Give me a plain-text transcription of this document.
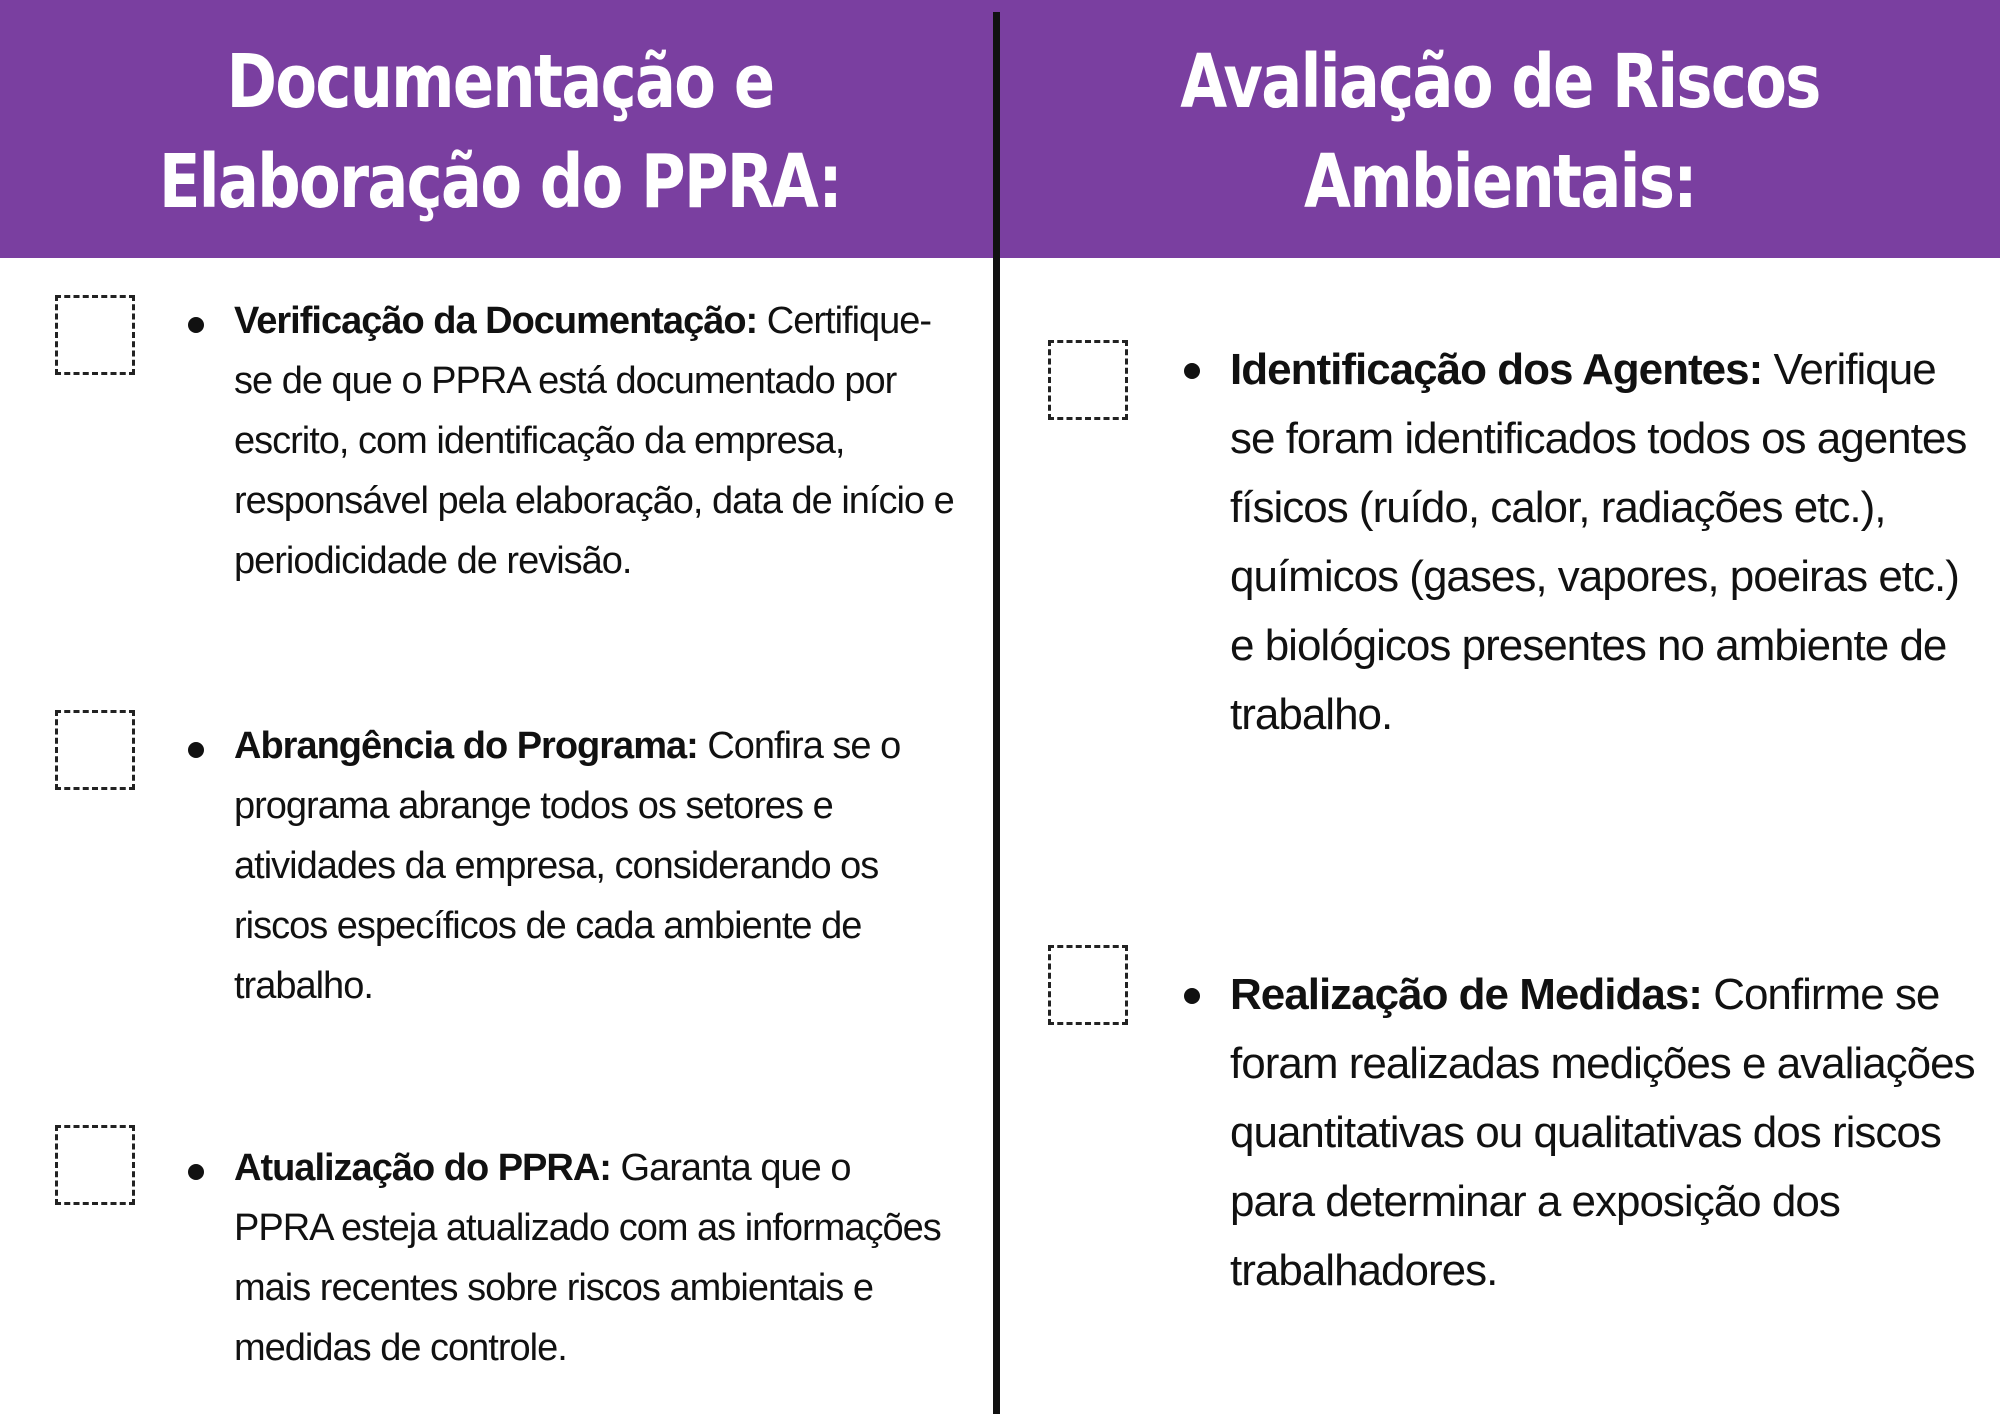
Documentação e Elaboração do PPRA:
Avaliação de Riscos Ambientais:
Verificação da Documentação: Certifique-se de que o PPRA está documentado por escrito, com identificação da empresa, responsável pela elaboração, data de início e periodicidade de revisão.
Abrangência do Programa: Confira se o programa abrange todos os setores e atividades da empresa, considerando os riscos específicos de cada ambiente de trabalho.
Atualização do PPRA: Garanta que o PPRA esteja atualizado com as informações mais recentes sobre riscos ambientais e medidas de controle.
Identificação dos Agentes: Verifique se foram identificados todos os agentes físicos (ruído, calor, radiações etc.), químicos (gases, vapores, poeiras etc.) e biológicos presentes no ambiente de trabalho.
Realização de Medidas: Confirme se foram realizadas medições e avaliações quantitativas ou qualitativas dos riscos para determinar a exposição dos trabalhadores.
